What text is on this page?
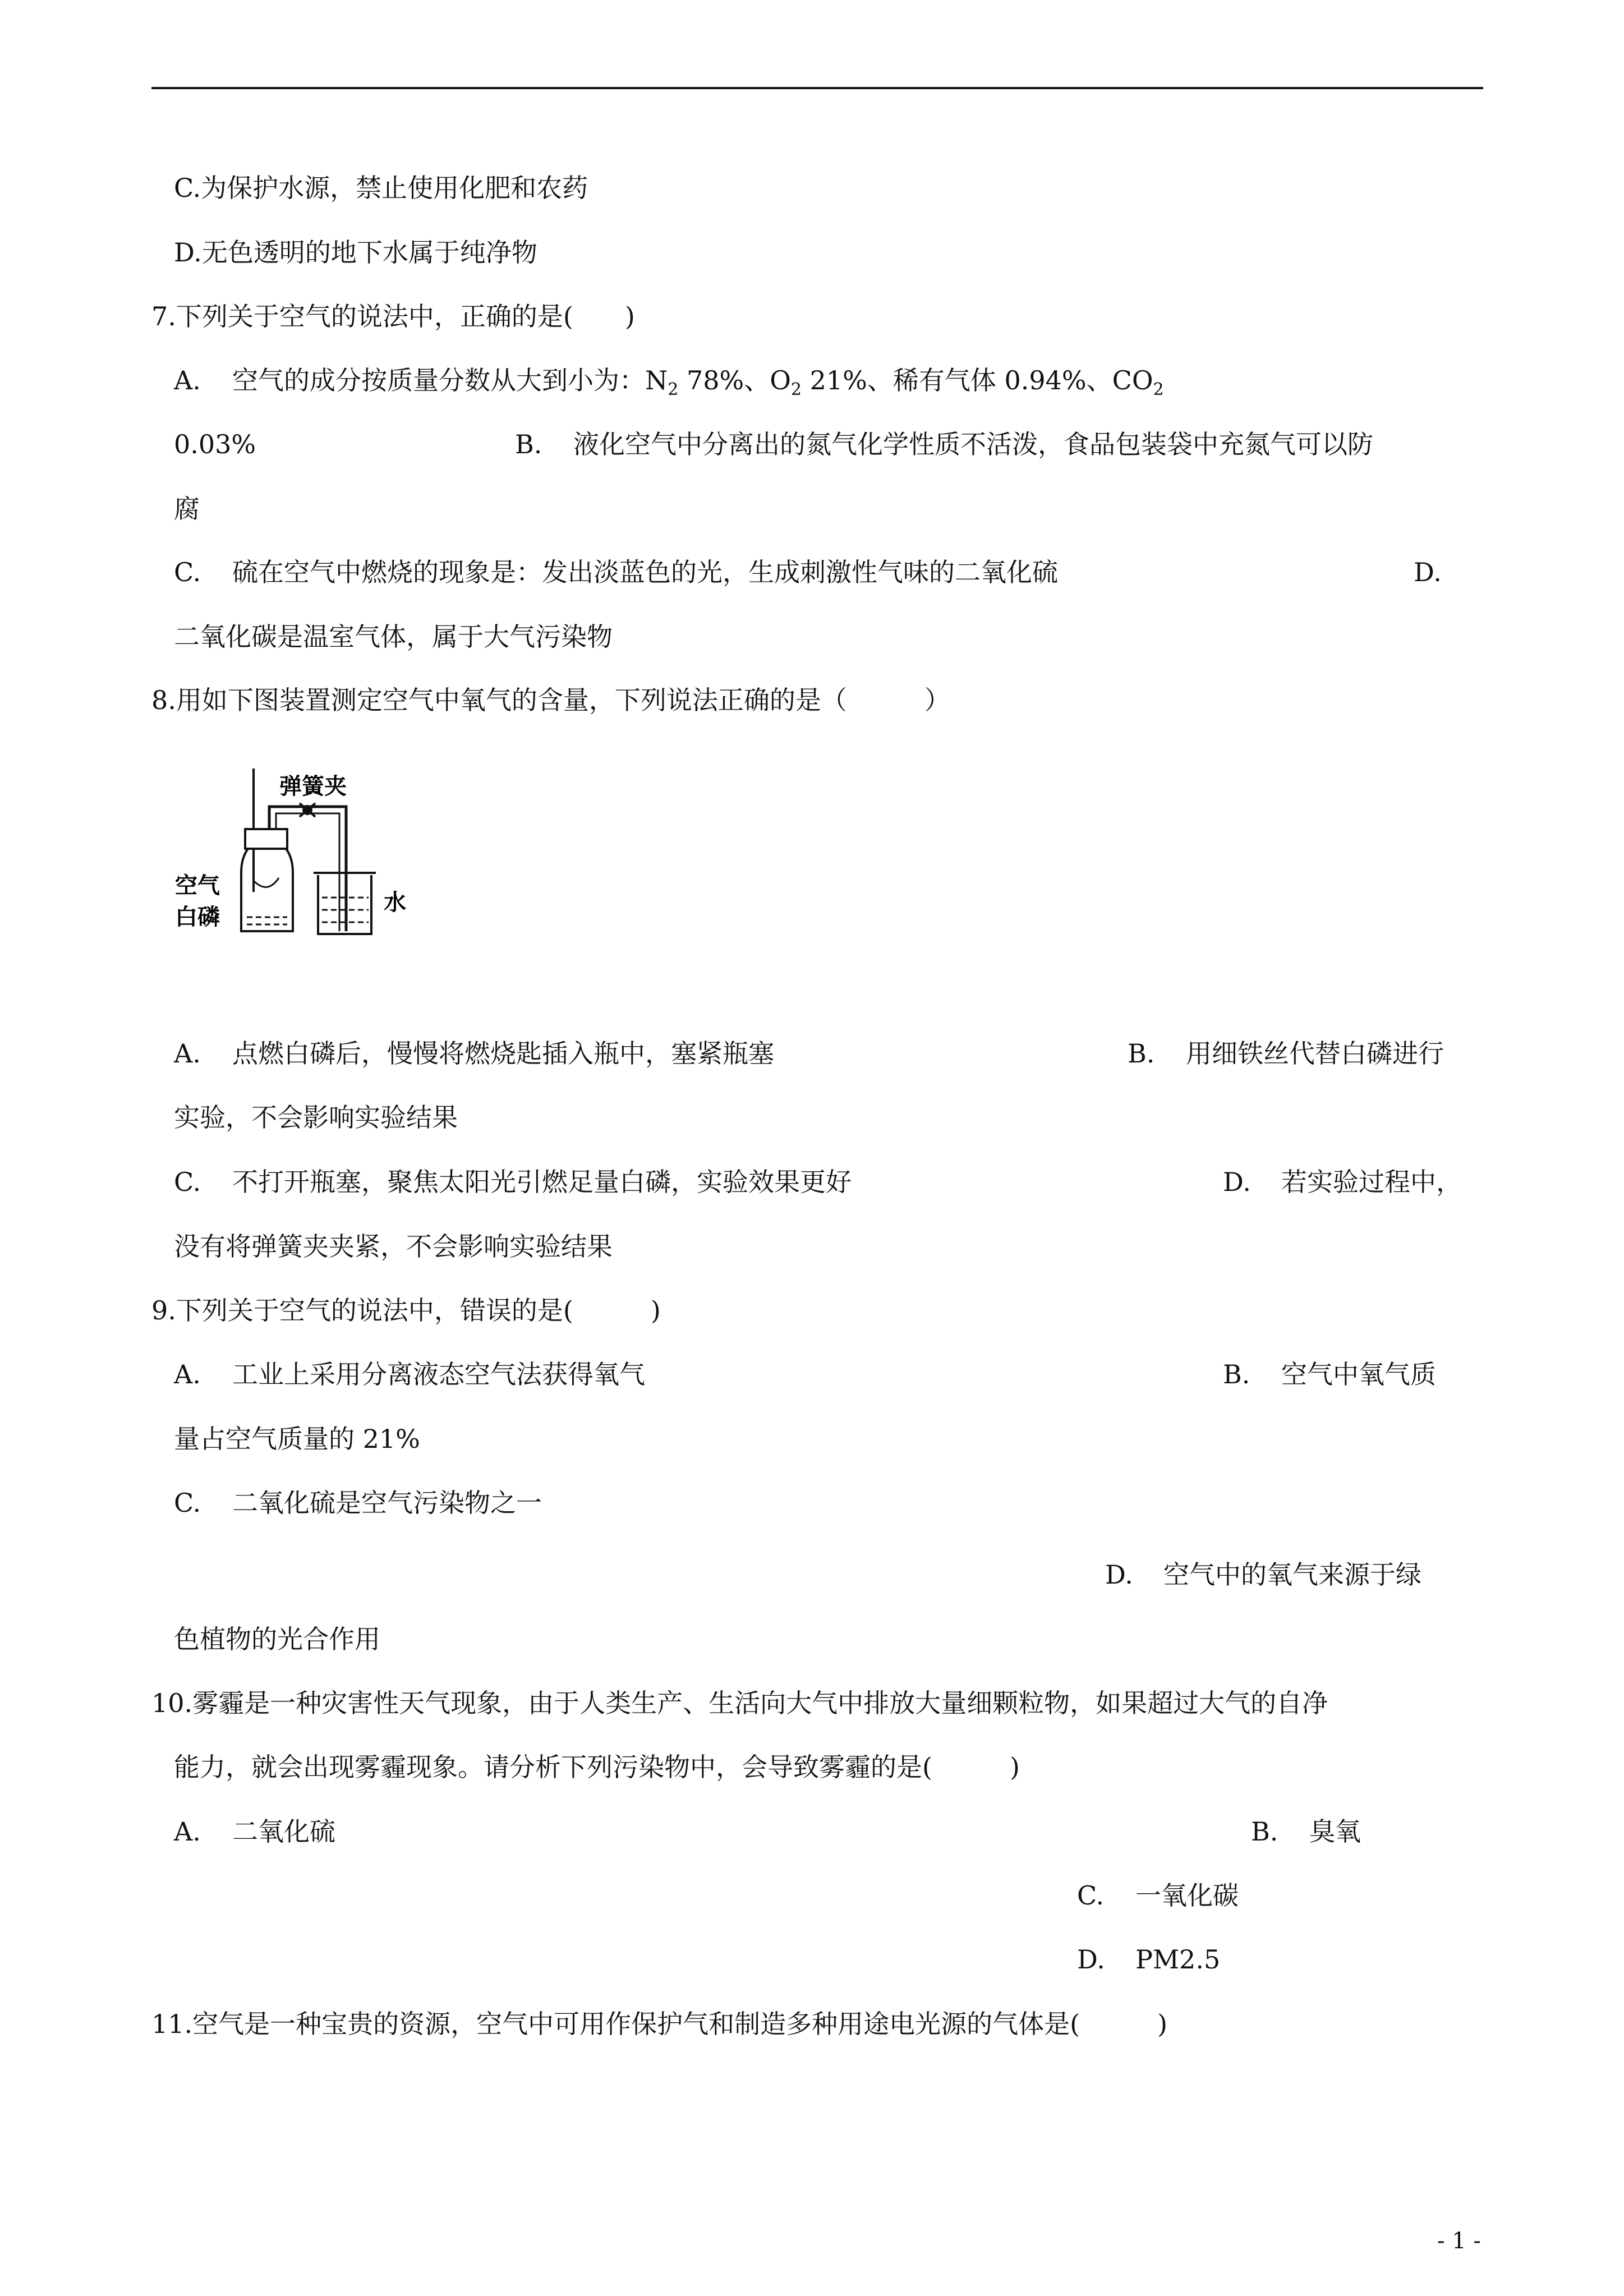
C.为保护水源，禁止使用化肥和农药
D.无色透明的地下水属于纯净物
7.下列关于空气的说法中，正确的是(　　)
A. 空气的成分按质量分数从大到小为：$N_2$ 78%、$O_2$ 21%、稀有气体 0.94%、$CO_2$
0.03%	B. 液化空气中分离出的氮气化学性质不活泼，食品包装袋中充氮气可以防
腐
C. 硫在空气中燃烧的现象是：发出淡蓝色的光，生成刺激性气味的二氧化硫	D.
二氧化碳是温室气体，属于大气污染物
8.用如下图装置测定空气中氧气的含量，下列说法正确的是（　　　）
弹簧夹
空气
白磷
水
A. 点燃白磷后，慢慢将燃烧匙插入瓶中，塞紧瓶塞	B. 用细铁丝代替白磷进行
实验，不会影响实验结果
C. 不打开瓶塞，聚焦太阳光引燃足量白磷，实验效果更好	D. 若实验过程中，
没有将弹簧夹夹紧，不会影响实验结果
9.下列关于空气的说法中，错误的是(　　　)
A. 工业上采用分离液态空气法获得氧气	B. 空气中氧气质
量占空气质量的 21%
C. 二氧化硫是空气污染物之一
D. 空气中的氧气来源于绿
色植物的光合作用
10.雾霾是一种灾害性天气现象，由于人类生产、生活向大气中排放大量细颗粒物，如果超过大气的自净
能力，就会出现雾霾现象。请分析下列污染物中，会导致雾霾的是(　　　)
A. 二氧化硫	B. 臭氧
C. 一氧化碳
D. PM2.5
11.空气是一种宝贵的资源，空气中可用作保护气和制造多种用途电光源的气体是(　　　)
- 1 -
